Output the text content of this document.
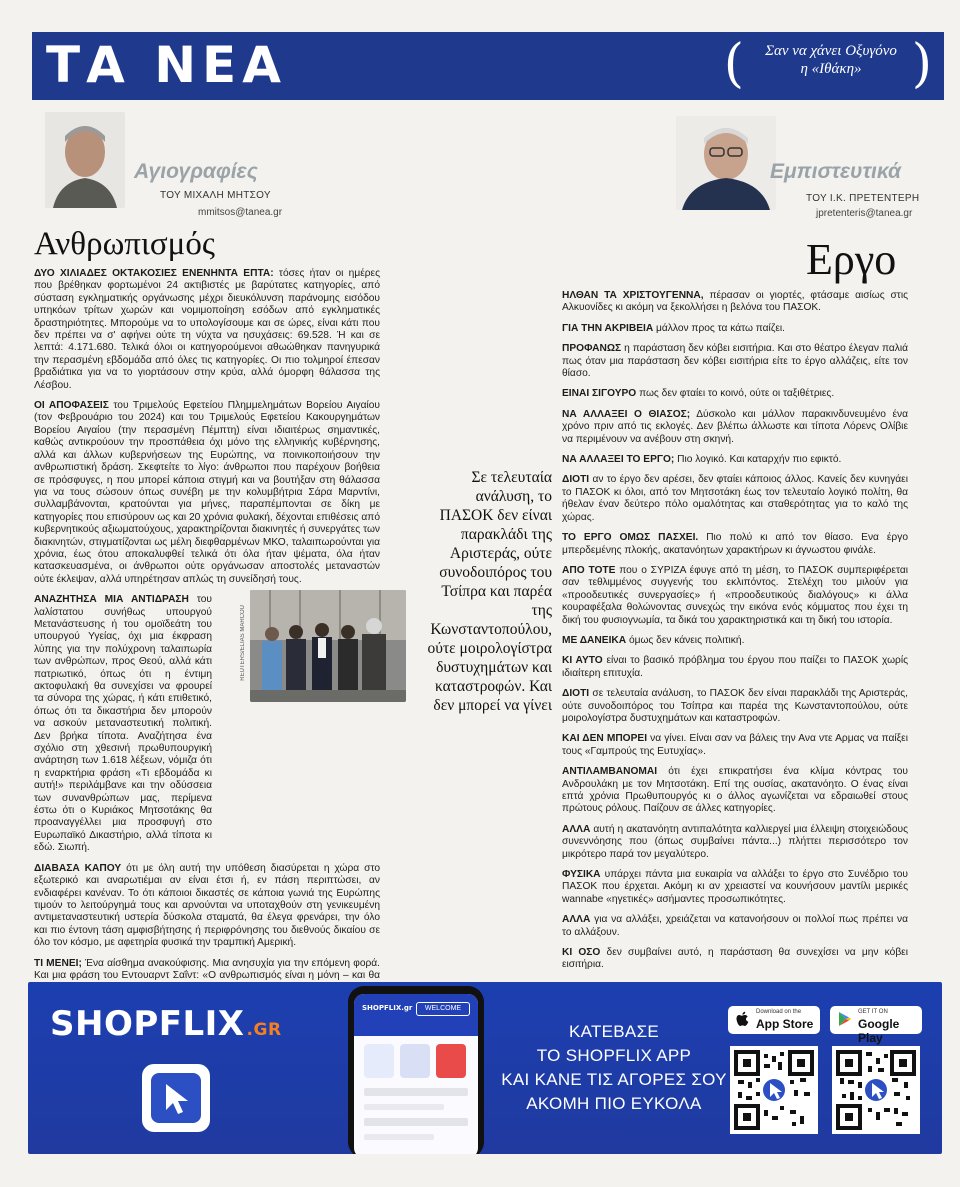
ΤΑ ΝΕΑ	(	Σαν να χάνει Οξυγόνο
η «Ιθάκη» )
Αγιογραφίες
ΤΟΥ ΜΙΧΑΛΗ ΜΗΤΣΟΥ
mmitsos@tanea.gr
Ανθρωπισμός
Εμπιστευτικά
ΤΟΥ Ι.Κ. ΠΡΕΤΕΝΤΕΡΗ
jpretenteris@tanea.gr
Εργο

ΔΥΟ ΧΙΛΙΑΔΕΣ ΟΚΤΑΚΟΣΙΕΣ ΕΝΕΝΗΝΤΑ ΕΠΤΑ: τόσες ήταν οι ημέρες που βρέθηκαν φορτωμένοι 24 ακτιβιστές με βαρύτατες κατηγορίες, από σύσταση εγκληματικής οργάνωσης μέχρι διευκόλυνση παράνομης εισόδου υπηκόων τρίτων χωρών και νομιμοποίηση εσόδων από εγκληματικές δραστηριότητες. Μπορούμε να το υπολογίσουμε και σε ώρες, είναι κάτι που δεν πρέπει να σ' αφήνει ούτε τη νύχτα να ησυχάσεις: 69.528. Ή και σε λεπτά: 4.171.680. Τελικά όλοι οι κατηγορούμενοι αθωώθηκαν πανηγυρικά την περασμένη εβδομάδα από όλες τις κατηγορίες. Οι πιο τολμηροί έπεσαν βραδιάτικα για να το γιορτάσουν στην κρύα, αλλά όμορφη θάλασσα της Λέσβου.

ΟΙ ΑΠΟΦΑΣΕΙΣ του Τριμελούς Εφετείου Πλημμελημάτων Βορείου Αιγαίου (τον Φεβρουάριο του 2024) και του Τριμελούς Εφετείου Κακουργημάτων Βορείου Αιγαίου (την περασμένη Πέμπτη) είναι ιδιαιτέρως σημαντικές, καθώς αντικρούουν την προσπάθεια όχι μόνο της ελληνικής κυβέρνησης, αλλά και άλλων κυβερνήσεων της Ευρώπης, να ποινικοποιήσουν την ανθρωπιστική δράση. Σκεφτείτε το λίγο: άνθρωποι που παρέχουν βοήθεια σε πρόσφυγες, η που μπορεί κάποια στιγμή και να βουτήξαν στη θάλασσα για να τους σώσουν όπως συνέβη με την κολυμβήτρια Σάρα Μαρντίνι, συλλαμβάνονται, κρατούνται για μήνες, παραπέμπονται σε δίκη με κατηγορίες που επισύρουν ως και 20 χρόνια φυλακή, δέχονται επιθέσεις από κυβερνητικούς αξιωματούχους, χαρακτηρίζονται διακινητές ή συνεργάτες των διακινητών, στιγματίζονται ως μέλη διεφθαρμένων ΜΚΟ, ταλαιπωρούνται για χρόνια, έως ότου αποκαλυφθεί τελικά ότι όλα ήταν ψέματα, όλα ήταν κατασκευασμένα, οι άνθρωποι ούτε οργάνωσαν αποστολές μεταναστών ούτε έκλεψαν, αλλά υπηρέτησαν απλώς τη συνείδησή τους.

ΑΝΑΖΗΤΗΣΑ ΜΙΑ ΑΝΤΙΔΡΑΣΗ του λαλίστατου συνήθως υπουργού Μετανάστευσης ή του ομοϊδεάτη του υπουργού Υγείας, όχι μια έκφραση λύπης για την πολύχρονη ταλαιπωρία των ανθρώπων, προς Θεού, αλλά κάτι πατριωτικό, όπως ότι η έντιμη ακτοφυλακή θα συνεχίσει να φρουρεί τα σύνορα της χώρας, ή κάτι επιθετικό, όπως ότι τα δικαστήρια δεν μπορούν να ασκούν μεταναστευτική πολιτική. Δεν βρήκα τίποτα. Αναζήτησα ένα σχόλιο στη χθεσινή πρωθυπουργική ανάρτηση των 1.618 λέξεων, νόμιζα ότι η εναρκτήρια φράση «Τι εβδομάδα κι αυτή!» περιλάμβανε και την οδύσσεια των συνανθρώπων μας, περίμενα έστω ότι ο Κυριάκος Μητσοτάκης θα προαναγγέλλει μια προσφυγή στο Ευρωπαϊκό Δικαστήριο, αλλά τίποτα κι εδώ. Σιωπή.

ΔΙΑΒΑΣΑ ΚΑΠΟΥ ότι με όλη αυτή την υπόθεση διασύρεται η χώρα στο εξωτερικό και αναρωτιέμαι αν είναι έτσι ή, εν πάση περιπτώσει, αν ενδιαφέρει κανέναν. Το ότι κάποιοι δικαστές σε κάποια γωνιά της Ευρώπης τιμούν το λειτούργημά τους και αρνούνται να υποταχθούν στη γενικευμένη αντιμεταναστευτική υστερία δύσκολα σταματά, θα έλεγα φρενάρει, την όλο και πιο έντονη τάση αμφισβήτησης ή περιφρόνησης του διεθνούς δικαίου σε όλο τον κόσμο, με αφετηρία φυσικά την τραμπική Αμερική.

ΤΙ ΜΕΝΕΙ; Ένα αίσθημα ανακούφισης. Μια ανησυχία για την επόμενη φορά. Και μια φράση του Εντουαρντ Σαΐντ: «Ο ανθρωπισμός είναι η μόνη – και θα

REUTERS/ELIAS MARCOU
Σε τελευταία ανάλυση, το ΠΑΣΟΚ δεν είναι παρακλάδι της Αριστεράς, ούτε συνοδοιπόρος του Τσίπρα και παρέα της Κωνσταντοπούλου, ούτε μοιρολογίστρα δυστυχημάτων και καταστροφών. Και δεν μπορεί να γίνει

ΗΛΘΑΝ ΤΑ ΧΡΙΣΤΟΥΓΕΝΝΑ, πέρασαν οι γιορτές, φτάσαμε αισίως στις Αλκυονίδες κι ακόμη να ξεκολλήσει η βελόνα του ΠΑΣΟΚ.

ΓΙΑ ΤΗΝ ΑΚΡΙΒΕΙΑ μάλλον προς τα κάτω παίζει.

ΠΡΟΦΑΝΩΣ η παράσταση δεν κόβει εισιτήρια. Και στο θέατρο έλεγαν παλιά πως όταν μια παράσταση δεν κόβει εισιτήρια είτε το έργο αλλάζεις, είτε τον θίασο.

ΕΙΝΑΙ ΣΙΓΟΥΡΟ πως δεν φταίει το κοινό, ούτε οι ταξιθέτριες.

ΝΑ ΑΛΛΑΞΕΙ Ο ΘΙΑΣΟΣ; Δύσκολο και μάλλον παρακινδυνευμένο ένα χρόνο πριν από τις εκλογές. Δεν βλέπω άλλωστε και τίποτα Λόρενς Ολίβιε να περιμένουν να ανέβουν στη σκηνή.

ΝΑ ΑΛΛΑΞΕΙ ΤΟ ΕΡΓΟ; Πιο λογικό. Και καταρχήν πιο εφικτό.

ΔΙΟΤΙ αν το έργο δεν αρέσει, δεν φταίει κάποιος άλλος. Κανείς δεν κυνηγάει το ΠΑΣΟΚ κι όλοι, από τον Μητσοτάκη έως τον τελευταίο λογικό πολίτη, θα ήθελαν έναν δεύτερο πόλο ομαλότητας και σταθερότητας για το καλό της χώρας.

ΤΟ ΕΡΓΟ ΟΜΩΣ ΠΑΣΧΕΙ. Πιο πολύ κι από τον θίασο. Ενα έργο μπερδεμένης πλοκής, ακατανόητων χαρακτήρων κι άγνωστου φινάλε.

ΑΠΟ ΤΟΤΕ που ο ΣΥΡΙΖΑ έφυγε από τη μέση, το ΠΑΣΟΚ συμπεριφέρεται σαν τεθλιμμένος συγγενής του εκλιπόντος. Στελέχη του μιλούν για «προοδευτικές συνεργασίες» ή «προοδευτικούς διαλόγους» κι άλλα κουραφέξαλα θολώνοντας συνεχώς την εικόνα ενός κόμματος που έχει τη δική του φυσιογνωμία, τα δικά του χαρακτηριστικά και τη δική του ιστορία.

ΜΕ ΔΑΝΕΙΚΑ όμως δεν κάνεις πολιτική.

ΚΙ ΑΥΤΟ είναι το βασικό πρόβλημα του έργου που παίζει το ΠΑΣΟΚ χωρίς ιδιαίτερη επιτυχία.

ΔΙΟΤΙ σε τελευταία ανάλυση, το ΠΑΣΟΚ δεν είναι παρακλάδι της Αριστεράς, ούτε συνοδοιπόρος του Τσίπρα και παρέα της Κωνσταντοπούλου, ούτε μοιρολογίστρα δυστυχημάτων και καταστροφών.

ΚΑΙ ΔΕΝ ΜΠΟΡΕΙ να γίνει. Είναι σαν να βάλεις την Ανα ντε Αρμας να παίξει τους «Γαμπρούς της Ευτυχίας».

ΑΝΤΙΛΑΜΒΑΝΟΜΑΙ ότι έχει επικρατήσει ένα κλίμα κόντρας του Ανδρουλάκη με τον Μητσοτάκη. Επί της ουσίας, ακατανόητο. Ο ένας είναι επτά χρόνια Πρωθυπουργός κι ο άλλος αγωνίζεται να εδραιωθεί στους πρώτους ρόλους. Παίζουν σε άλλες κατηγορίες.

ΑΛΛΑ αυτή η ακατανόητη αντιπαλότητα καλλιεργεί μια έλλειψη στοιχειώδους συνεννόησης που (όπως συμβαίνει πάντα...) πλήττει περισσότερο τον μικρότερο παρά τον μεγαλύτερο.

ΦΥΣΙΚΑ υπάρχει πάντα μια ευκαιρία να αλλάξει το έργο στο Συνέδριο του ΠΑΣΟΚ που έρχεται. Ακόμη κι αν χρειαστεί να κουνήσουν μαντίλι μερικές wannabe «ηγετικές» ασήμαντες προσωπικότητες.

ΑΛΛΑ για να αλλάξει, χρειάζεται να κατανοήσουν οι πολλοί πως πρέπει να το αλλάξουν.

ΚΙ ΟΣΟ δεν συμβαίνει αυτό, η παράσταση θα συνεχίσει να μην κόβει εισιτήρια.

SHOPFLIX .GR
SHOPFLIX.gr	WELCOME
ΚΑΤΕΒΑΣΕ
ΤΟ SHOPFLIX APP
ΚΑΙ ΚΑΝΕ ΤΙΣ ΑΓΟΡΕΣ ΣΟΥ
ΑΚΟΜΗ ΠΙΟ ΕΥΚΟΛΑ
Download on the
App Store
GET IT ON
Google Play
